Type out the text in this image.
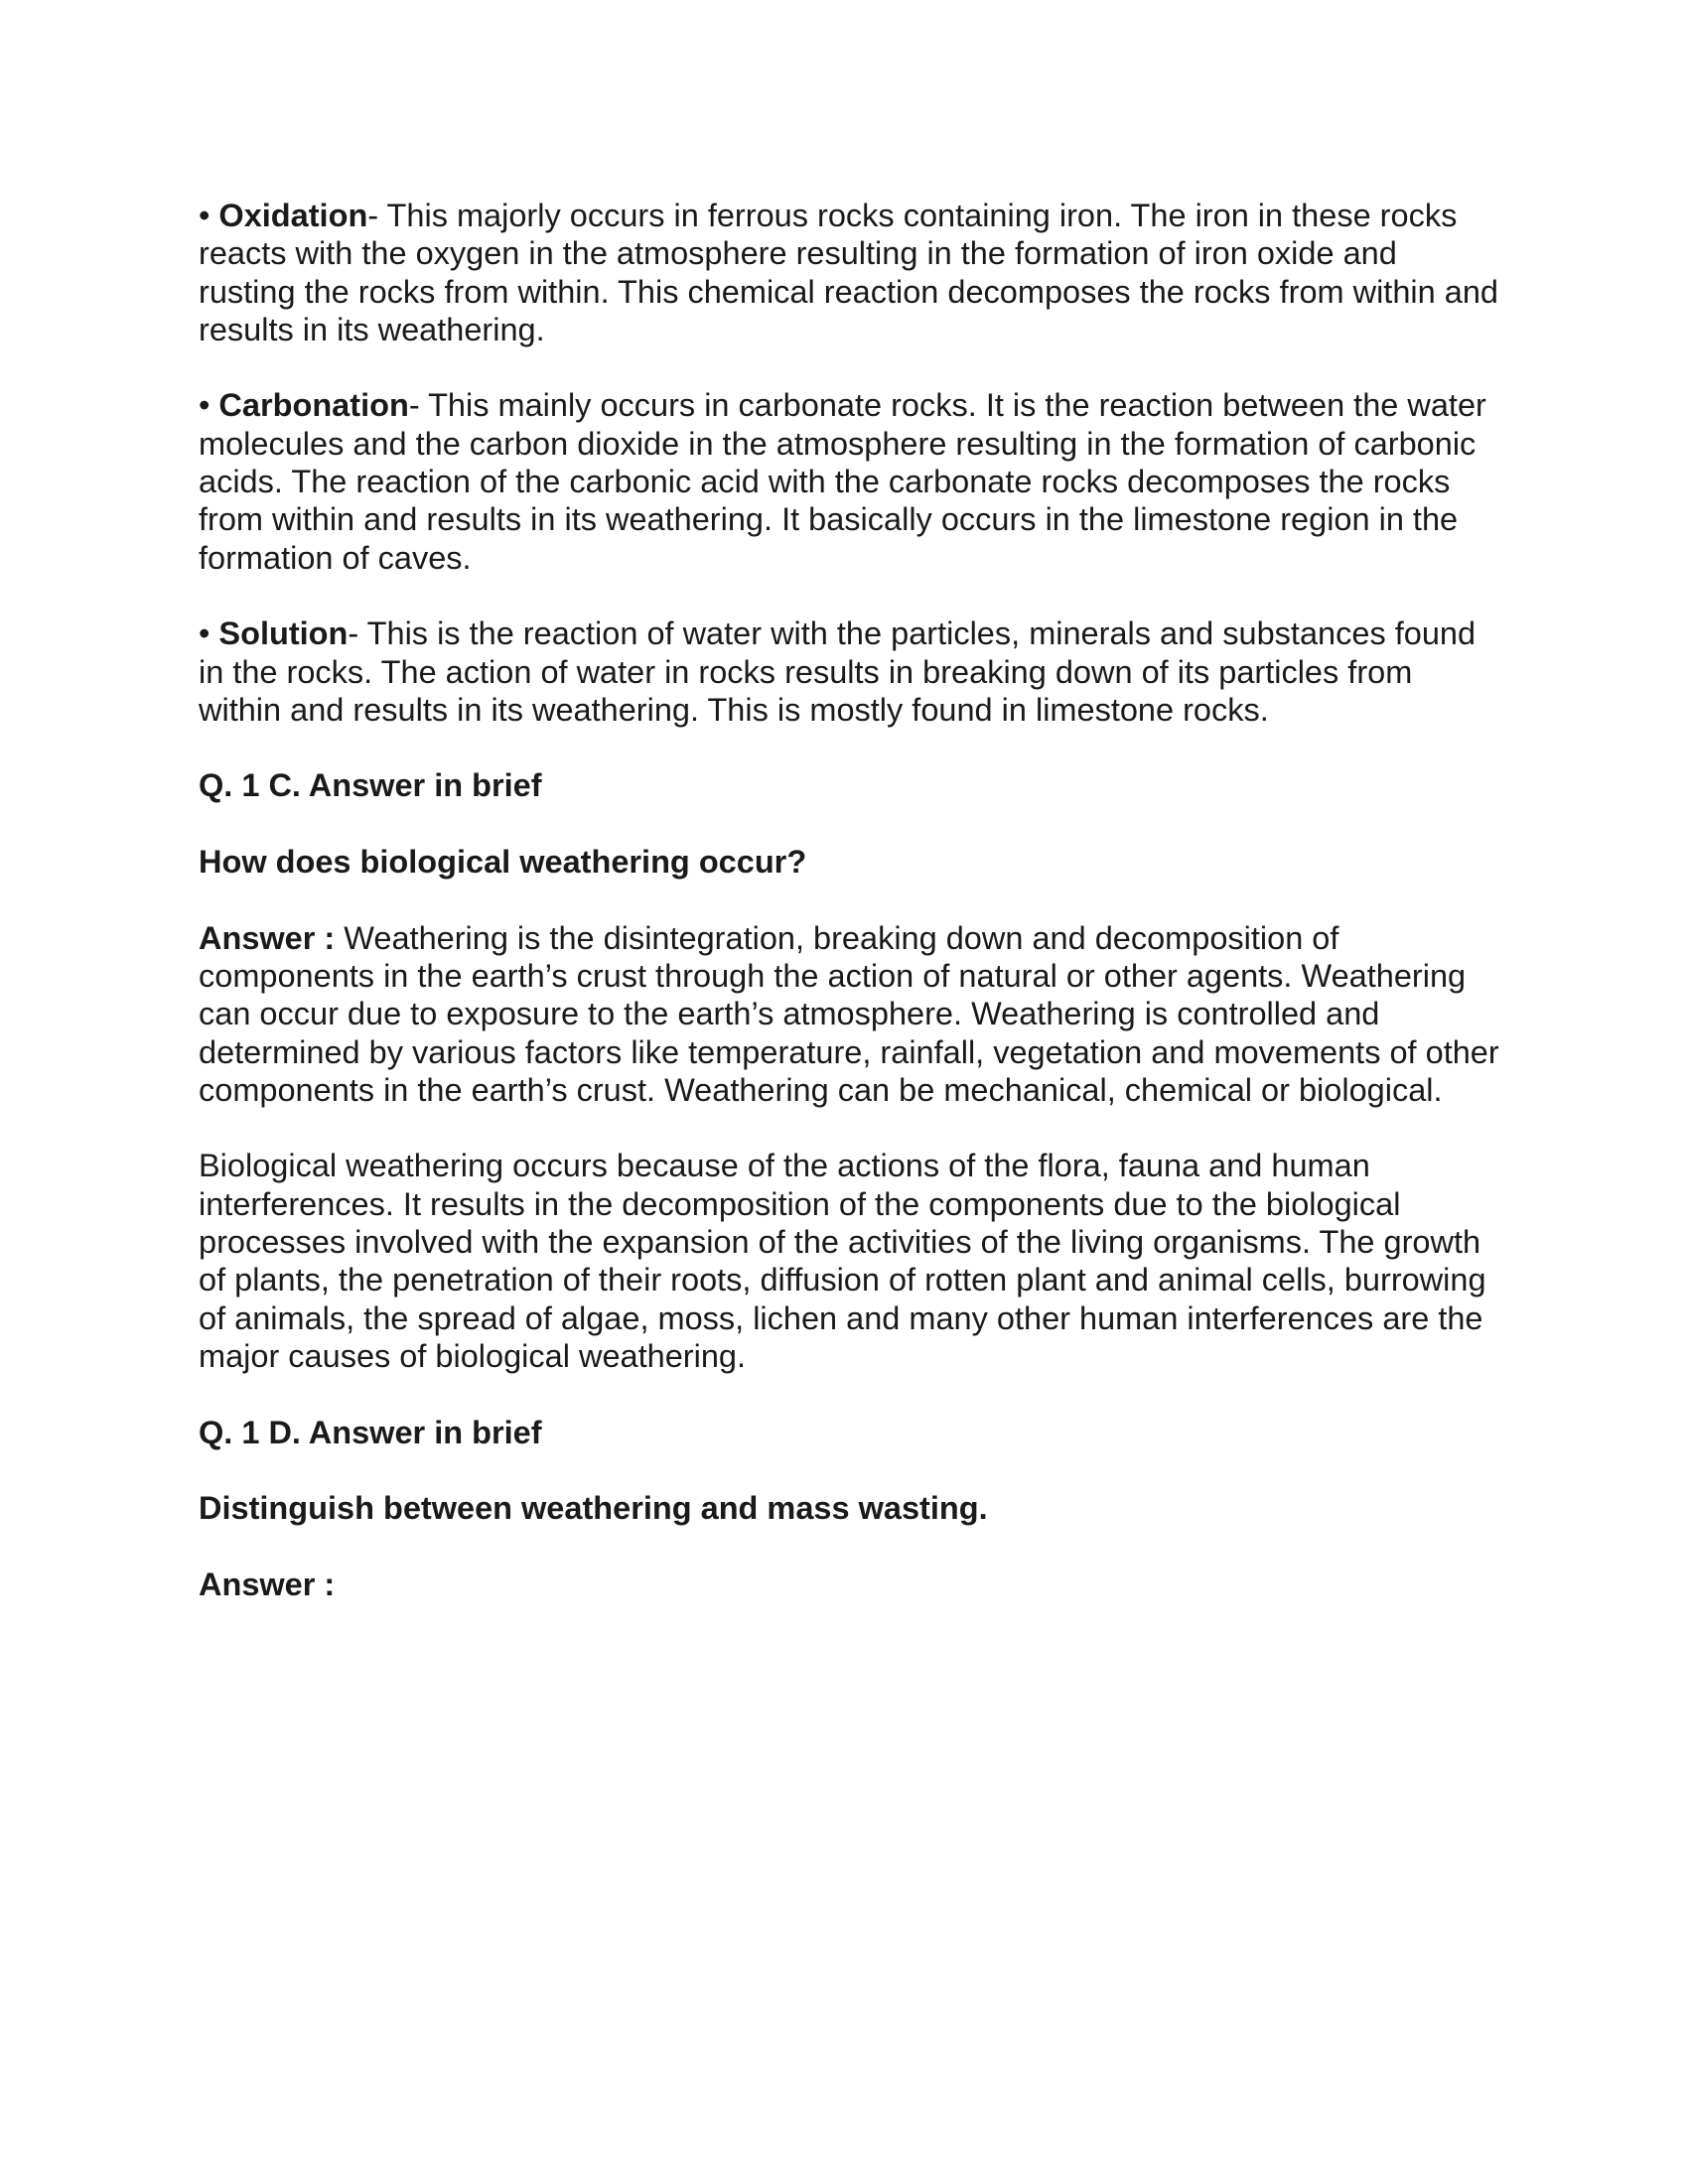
• Oxidation- This majorly occurs in ferrous rocks containing iron. The iron in these rocks reacts with the oxygen in the atmosphere resulting in the formation of iron oxide and rusting the rocks from within. This chemical reaction decomposes the rocks from within and results in its weathering.

• Carbonation- This mainly occurs in carbonate rocks. It is the reaction between the water molecules and the carbon dioxide in the atmosphere resulting in the formation of carbonic acids. The reaction of the carbonic acid with the carbonate rocks decomposes the rocks from within and results in its weathering. It basically occurs in the limestone region in the formation of caves.

• Solution- This is the reaction of water with the particles, minerals and substances found in the rocks. The action of water in rocks results in breaking down of its particles from within and results in its weathering. This is mostly found in limestone rocks.

Q. 1 C. Answer in brief

How does biological weathering occur?

Answer : Weathering is the disintegration, breaking down and decomposition of components in the earth’s crust through the action of natural or other agents. Weathering can occur due to exposure to the earth’s atmosphere. Weathering is controlled and determined by various factors like temperature, rainfall, vegetation and movements of other components in the earth’s crust. Weathering can be mechanical, chemical or biological.

Biological weathering occurs because of the actions of the flora, fauna and human interferences. It results in the decomposition of the components due to the biological processes involved with the expansion of the activities of the living organisms. The growth of plants, the penetration of their roots, diffusion of rotten plant and animal cells, burrowing of animals, the spread of algae, moss, lichen and many other human interferences are the major causes of biological weathering.

Q. 1 D. Answer in brief

Distinguish between weathering and mass wasting.

Answer :
